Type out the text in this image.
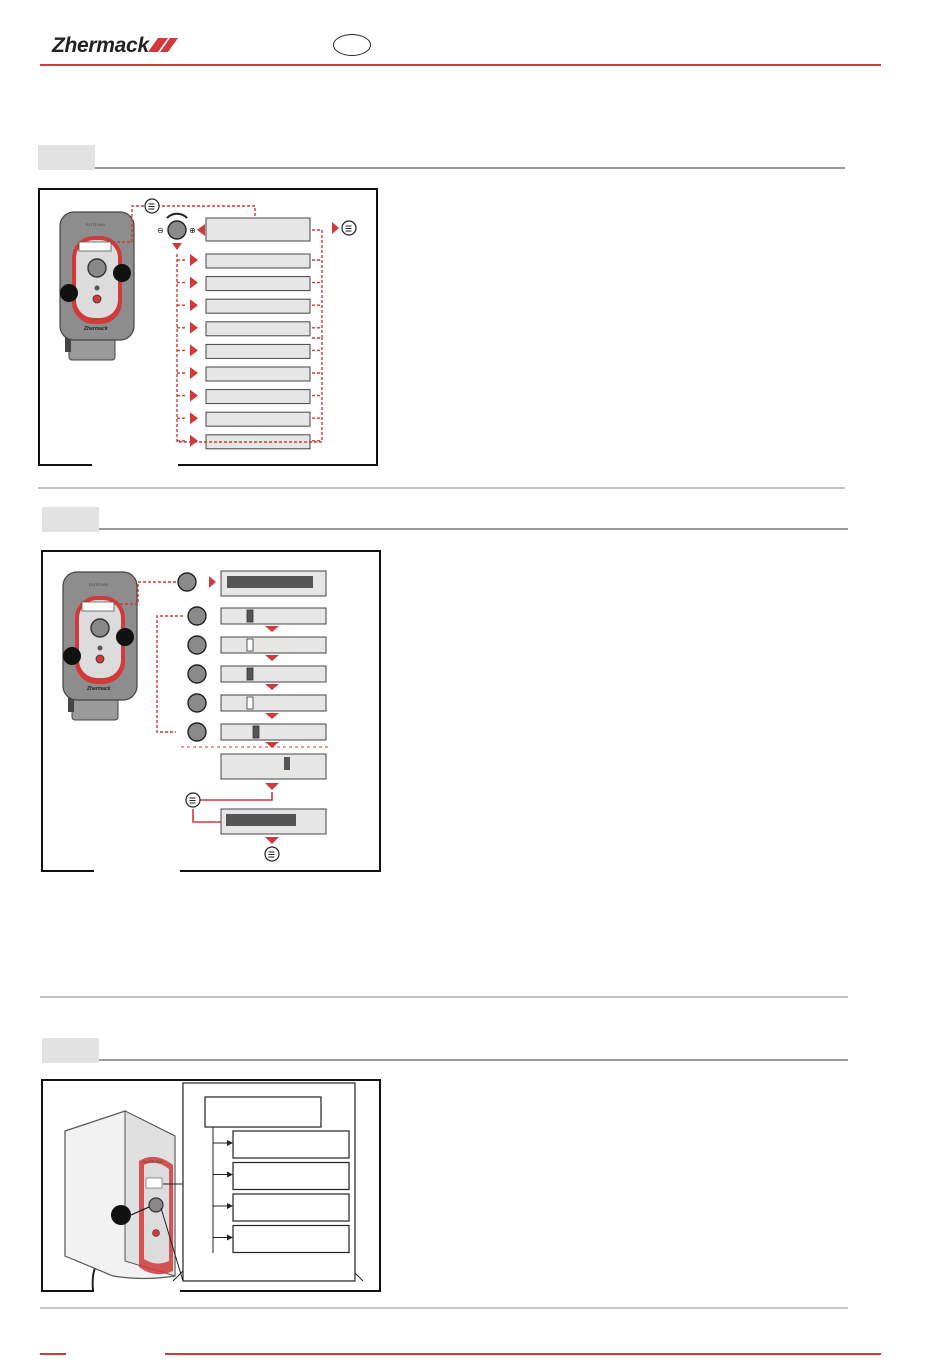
Zhermack
ELITE MIX
Zhermack
⊖	⊕
ELITE MIX
Zhermack
ELITE MIX
